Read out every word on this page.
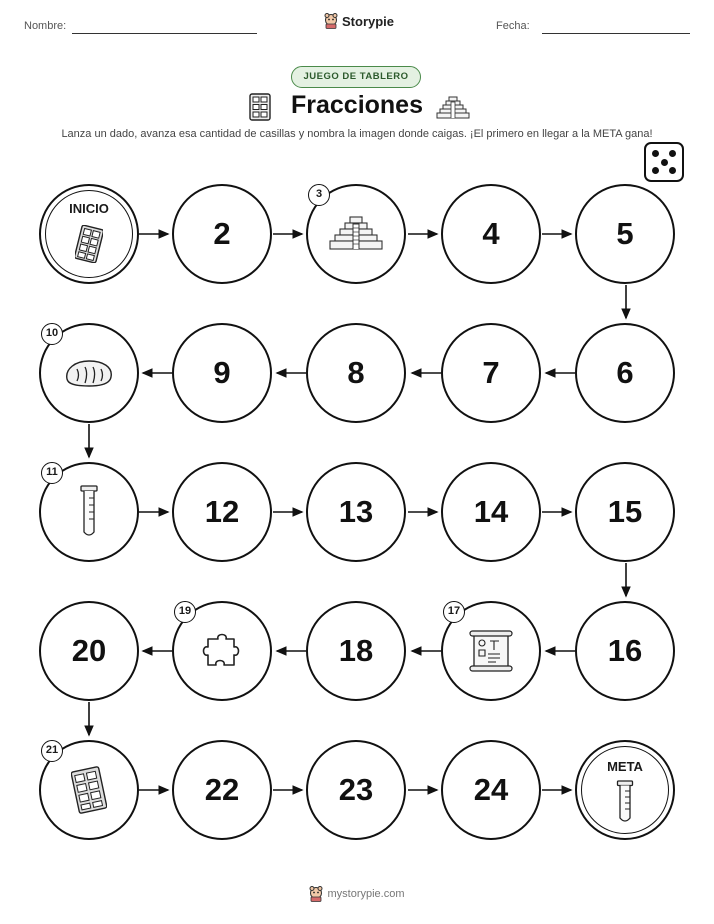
Nombre:	Storypie	Fecha:
JUEGO DE TABLERO
Fracciones
Lanza un dado, avanza esa cantidad de casillas y nombra la imagen donde caigas. ¡El primero en llegar a la META gana!
INICIO
2
3
4	5
10
9	8	7	6
11
12	13	14	15
20
19
18
17
16
21
22	23	24
META
mystorypie.com
